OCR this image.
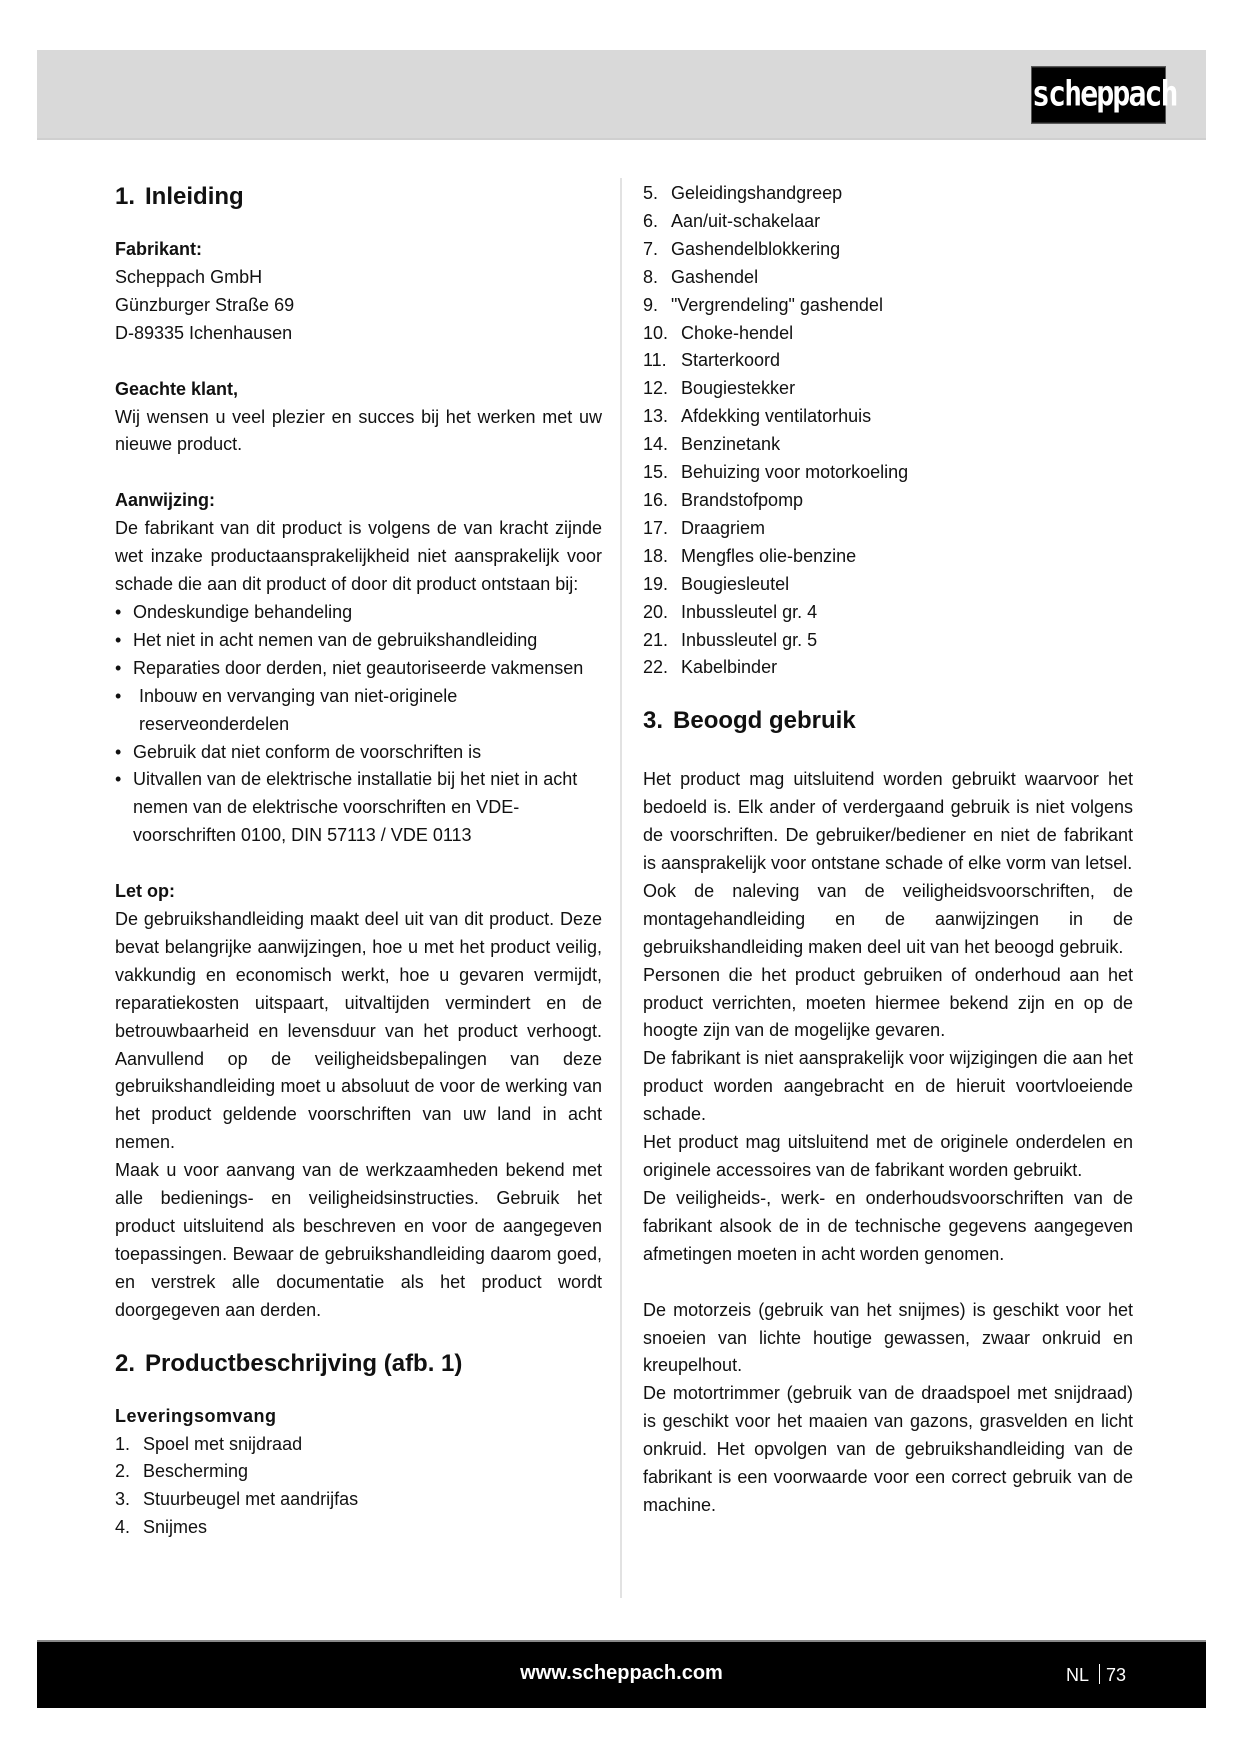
scheppach
1. Inleiding
Fabrikant:
Scheppach GmbH
Günzburger Straße 69
D-89335 Ichenhausen
Geachte klant,

Wij wensen u veel plezier en succes bij het werken met uw nieuwe product.

Aanwijzing:

De fabrikant van dit product is volgens de van kracht zijnde wet inzake productaansprakelijkheid niet aansprakelijk voor schade die aan dit product of door dit product ontstaan bij:

• Ondeskundige behandeling
• Het niet in acht nemen van de gebruikshandleiding
• Reparaties door derden, niet geautoriseerde vakmensen
• Inbouw en vervanging van niet-originele reserveonderdelen
• Gebruik dat niet conform de voorschriften is
• Uitvallen van de elektrische installatie bij het niet in acht nemen van de elektrische voorschriften en VDE-voorschriften 0100, DIN 57113 / VDE 0113
Let op:

De gebruikshandleiding maakt deel uit van dit product. Deze bevat belangrijke aanwijzingen, hoe u met het product veilig, vakkundig en economisch werkt, hoe u gevaren vermijdt, reparatiekosten uitspaart, uitvaltijden vermindert en de betrouwbaarheid en levensduur van het product verhoogt. Aanvullend op de veiligheidsbepalingen van deze gebruikshandleiding moet u absoluut de voor de werking van het product geldende voorschriften van uw land in acht nemen.

Maak u voor aanvang van de werkzaamheden bekend met alle bedienings- en veiligheidsinstructies. Gebruik het product uitsluitend als beschreven en voor de aangegeven toepassingen. Bewaar de gebruikshandleiding daarom goed, en verstrek alle documentatie als het product wordt doorgegeven aan derden.

2. Productbeschrijving (afb. 1)
Leveringsomvang
1. Spoel met snijdraad
2. Bescherming
3. Stuurbeugel met aandrijfas
4. Snijmes
5. Geleidingshandgreep
6. Aan/uit-schakelaar
7. Gashendelblokkering
8. Gashendel
9. "Vergrendeling" gashendel
10. Choke-hendel
11. Starterkoord
12. Bougiestekker
13. Afdekking ventilatorhuis
14. Benzinetank
15. Behuizing voor motorkoeling
16. Brandstofpomp
17. Draagriem
18. Mengfles olie-benzine
19. Bougiesleutel
20. Inbussleutel gr. 4
21. Inbussleutel gr. 5
22. Kabelbinder
3. Beoogd gebruik

Het product mag uitsluitend worden gebruikt waarvoor het bedoeld is. Elk ander of verdergaand gebruik is niet volgens de voorschriften. De gebruiker/bediener en niet de fabrikant is aansprakelijk voor ontstane schade of elke vorm van letsel.

Ook de naleving van de veiligheidsvoorschriften, de montagehandleiding en de aanwijzingen in de gebruikshandleiding maken deel uit van het beoogd gebruik.

Personen die het product gebruiken of onderhoud aan het product verrichten, moeten hiermee bekend zijn en op de hoogte zijn van de mogelijke gevaren.

De fabrikant is niet aansprakelijk voor wijzigingen die aan het product worden aangebracht en de hieruit voortvloeiende schade.

Het product mag uitsluitend met de originele onderdelen en originele accessoires van de fabrikant worden gebruikt.

De veiligheids-, werk- en onderhoudsvoorschriften van de fabrikant alsook de in de technische gegevens aangegeven afmetingen moeten in acht worden genomen.

De motorzeis (gebruik van het snijmes) is geschikt voor het snoeien van lichte houtige gewassen, zwaar onkruid en kreupelhout.

De motortrimmer (gebruik van de draadspoel met snijdraad) is geschikt voor het maaien van gazons, grasvelden en licht onkruid. Het opvolgen van de gebruikshandleiding van de fabrikant is een voorwaarde voor een correct gebruik van de machine.

www.scheppach.com	NL 73
